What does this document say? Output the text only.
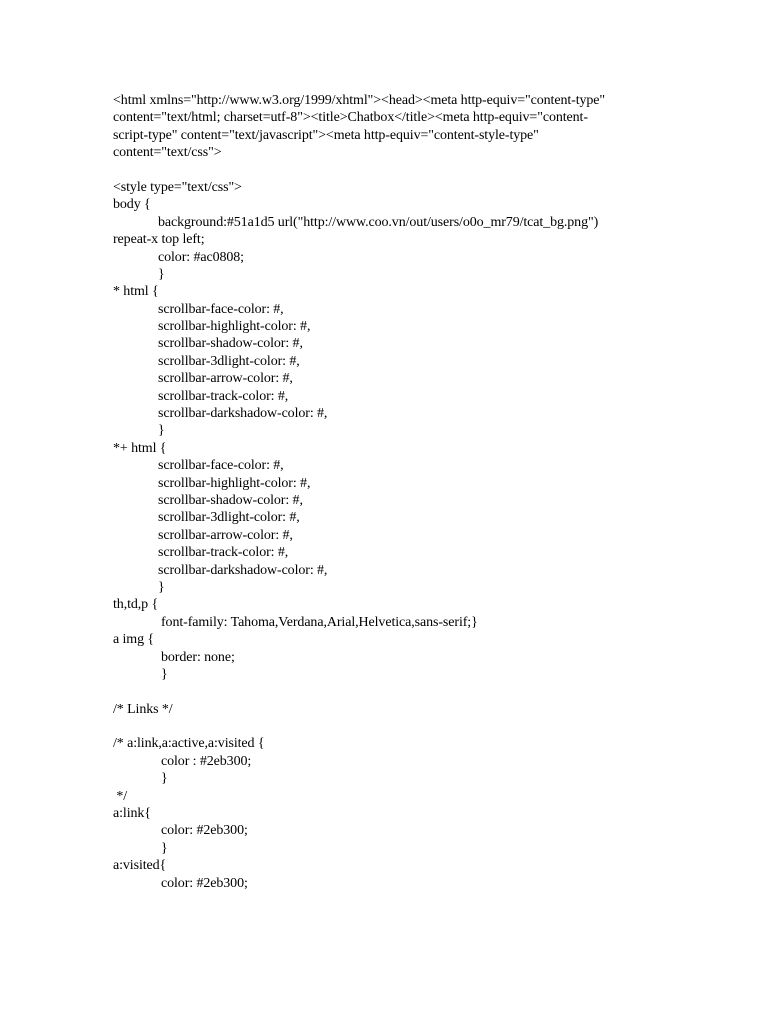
<html xmlns="http://www.w3.org/1999/xhtml"><head><meta http-equiv="content-type"
content="text/html; charset=utf-8"><title>Chatbox</title><meta http-equiv="content-
script-type" content="text/javascript"><meta http-equiv="content-style-type"
content="text/css">
<style type="text/css">
body {
background:#51a1d5 url("http://www.coo.vn/out/users/o0o_mr79/tcat_bg.png")
repeat-x top left;
color: #ac0808;
}
* html {
scrollbar-face-color: #,
scrollbar-highlight-color: #,
scrollbar-shadow-color: #,
scrollbar-3dlight-color: #,
scrollbar-arrow-color: #,
scrollbar-track-color: #,
scrollbar-darkshadow-color: #,
}
*+ html {
scrollbar-face-color: #,
scrollbar-highlight-color: #,
scrollbar-shadow-color: #,
scrollbar-3dlight-color: #,
scrollbar-arrow-color: #,
scrollbar-track-color: #,
scrollbar-darkshadow-color: #,
}
th,td,p {
font-family: Tahoma,Verdana,Arial,Helvetica,sans-serif;}
a img {
border: none;
}
/* Links */
/* a:link,a:active,a:visited {
color : #2eb300;
}
*/
a:link{
color: #2eb300;
}
a:visited{
color: #2eb300;
